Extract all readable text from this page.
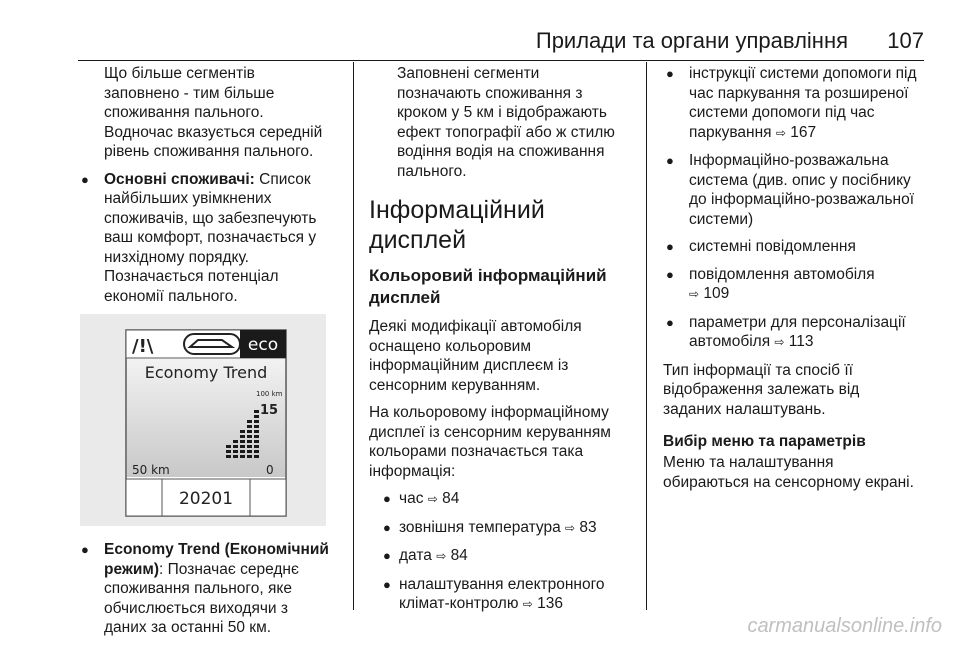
Прилади та органи управління 107

Що більше сегментів
заповнено - тим більше
споживання пального.
Водночас вказується середній
рівень споживання пального.

● Основні споживачі: Список
найбільших увімкнених
споживачів, що забезпечують
ваш комфорт, позначається у
низхідному порядку.
Позначається потенціал
економії пального.
/!\	eco
Economy Trend
100 km
15
50 km	0
20201
● Economy Trend (Економічний режим): Позначає середнє
споживання пального, яке
обчислюється виходячи з
даних за останні 50 км.

Заповнені сегменти
позначають споживання з
кроком у 5 км і відображають
ефект топографії або ж стилю
водіння водія на споживання
пального.

Інформаційний дисплей
Кольоровий інформаційний
дисплей

Деякі модифікації автомобіля
оснащено кольоровим
інформаційним дисплеєм із
сенсорним керуванням.

На кольоровому інформаційному
дисплеї із сенсорним керуванням
кольорами позначається така
інформація:

● час ⇨ 84
● зовнішня температура ⇨ 83
● дата ⇨ 84
● налаштування електронного
клімат-контролю ⇨ 136
● інструкції системи допомоги під
час паркування та розширеної
системи допомоги під час
паркування ⇨ 167
● Інформаційно-розважальна
система (див. опис у посібнику
до інформаційно-розважальної
системи)
● системні повідомлення
● повідомлення автомобіля
⇨ 109
● параметри для персоналізації
автомобіля ⇨ 113

Тип інформації та спосіб її
відображення залежать від
заданих налаштувань.

Вибір меню та параметрів

Меню та налаштування
обираються на сенсорному екрані.

carmanualsonline.info
